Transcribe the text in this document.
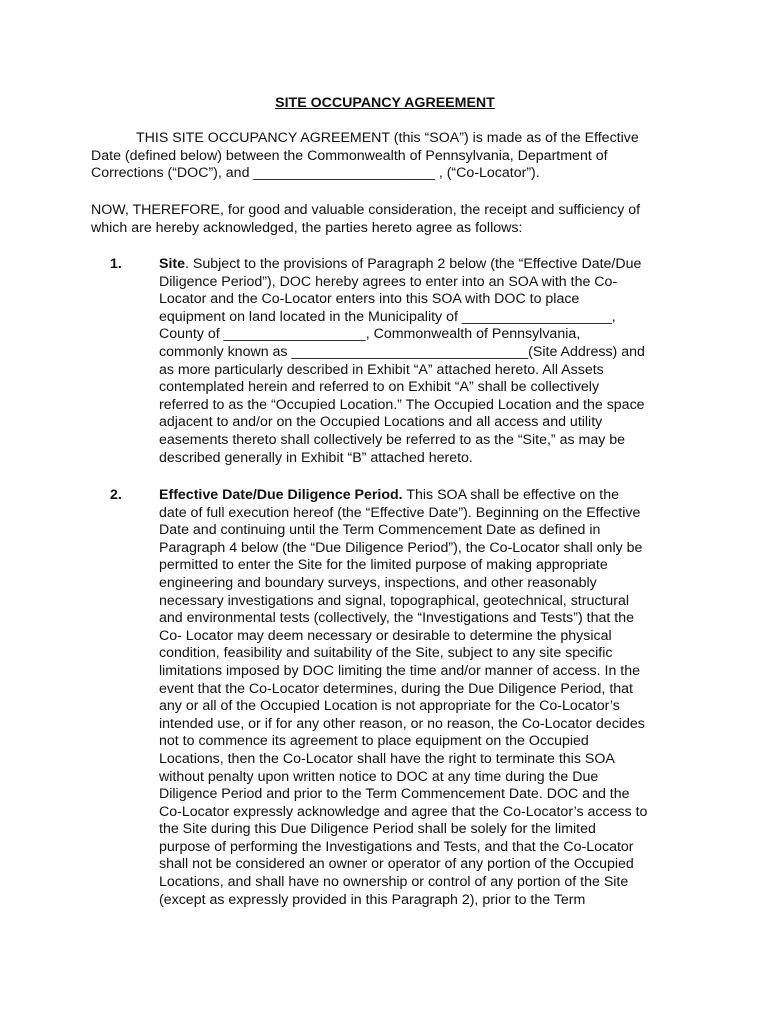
SITE OCCUPANCY AGREEMENT
THIS SITE OCCUPANCY AGREEMENT (this “SOA”) is made as of the Effective
Date (defined below) between the Commonwealth of Pennsylvania, Department of
Corrections (“DOC”), and _______________________ , (“Co-Locator”).
NOW, THEREFORE, for good and valuable consideration, the receipt and sufficiency of
which are hereby acknowledged, the parties hereto agree as follows:
1.	Site. Subject to the provisions of Paragraph 2 below (the “Effective Date/Due
Diligence Period”), DOC hereby agrees to enter into an SOA with the Co-
Locator and the Co-Locator enters into this SOA with DOC to place
equipment on land located in the Municipality of ___________________,
County of __________________, Commonwealth of Pennsylvania,
commonly known as ______________________________(Site Address) and
as more particularly described in Exhibit “A” attached hereto. All Assets
contemplated herein and referred to on Exhibit “A” shall be collectively
referred to as the “Occupied Location.” The Occupied Location and the space
adjacent to and/or on the Occupied Locations and all access and utility
easements thereto shall collectively be referred to as the “Site,” as may be
described generally in Exhibit “B” attached hereto.
2.	Effective Date/Due Diligence Period. This SOA shall be effective on the
date of full execution hereof (the “Effective Date”). Beginning on the Effective
Date and continuing until the Term Commencement Date as defined in
Paragraph 4 below (the “Due Diligence Period”), the Co-Locator shall only be
permitted to enter the Site for the limited purpose of making appropriate
engineering and boundary surveys, inspections, and other reasonably
necessary investigations and signal, topographical, geotechnical, structural
and environmental tests (collectively, the “Investigations and Tests”) that the
Co- Locator may deem necessary or desirable to determine the physical
condition, feasibility and suitability of the Site, subject to any site specific
limitations imposed by DOC limiting the time and/or manner of access. In the
event that the Co-Locator determines, during the Due Diligence Period, that
any or all of the Occupied Location is not appropriate for the Co-Locator’s
intended use, or if for any other reason, or no reason, the Co-Locator decides
not to commence its agreement to place equipment on the Occupied
Locations, then the Co-Locator shall have the right to terminate this SOA
without penalty upon written notice to DOC at any time during the Due
Diligence Period and prior to the Term Commencement Date. DOC and the
Co-Locator expressly acknowledge and agree that the Co-Locator’s access to
the Site during this Due Diligence Period shall be solely for the limited
purpose of performing the Investigations and Tests, and that the Co-Locator
shall not be considered an owner or operator of any portion of the Occupied
Locations, and shall have no ownership or control of any portion of the Site
(except as expressly provided in this Paragraph 2), prior to the Term
